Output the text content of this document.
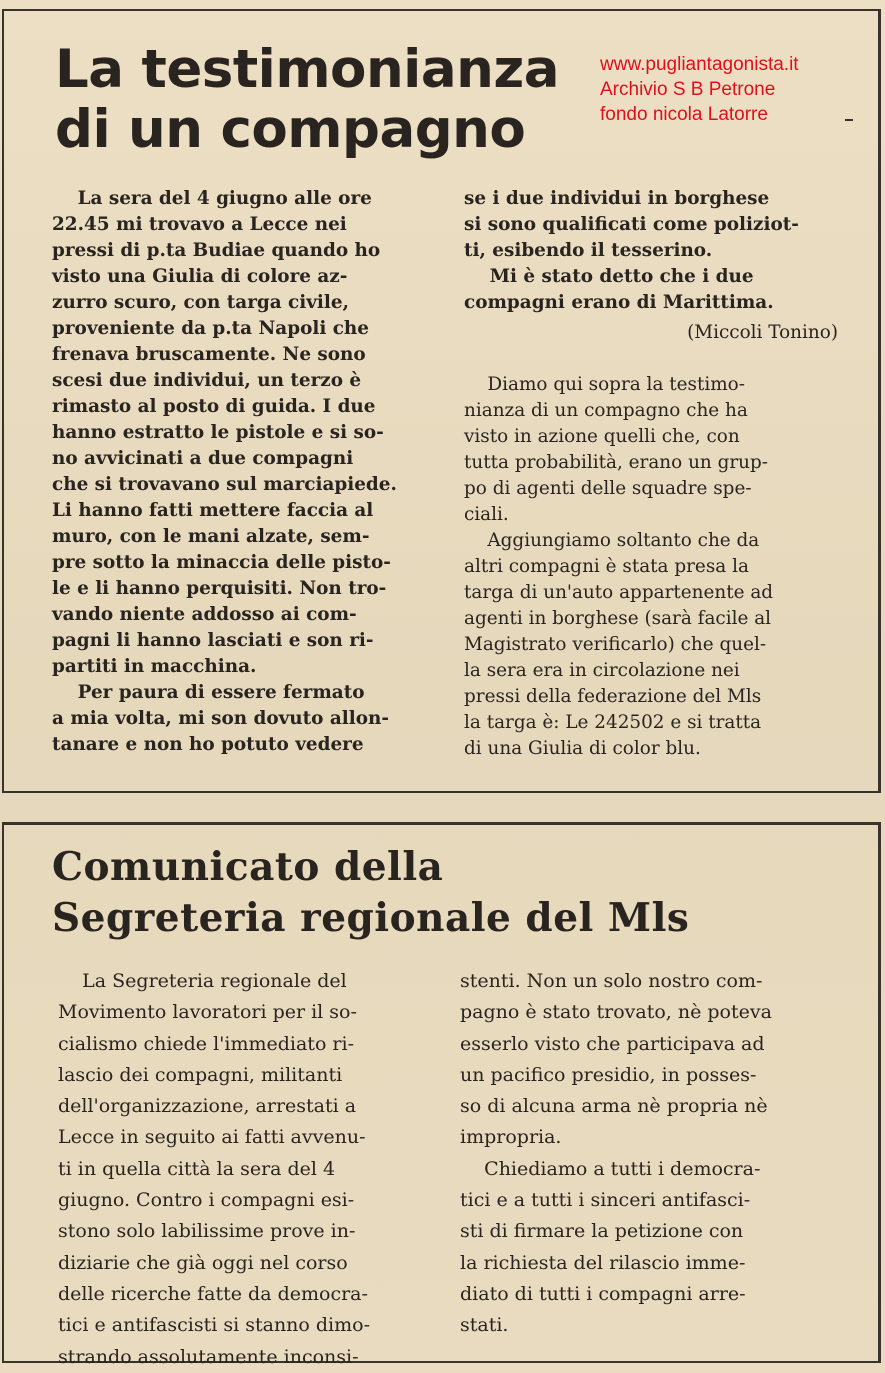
La testimonianza
di un compagno
www.pugliantagonista.it
Archivio S B Petrone
fondo nicola Latorre
La sera del 4 giugno alle ore
22.45 mi trovavo a Lecce nei
pressi di p.ta Budiae quando ho
visto una Giulia di colore az-
zurro scuro, con targa civile,
proveniente da p.ta Napoli che
frenava bruscamente. Ne sono
scesi due individui, un terzo è
rimasto al posto di guida. I due
hanno estratto le pistole e si so-
no avvicinati a due compagni
che si trovavano sul marciapiede.
Li hanno fatti mettere faccia al
muro, con le mani alzate, sem-
pre sotto la minaccia delle pisto-
le e li hanno perquisiti. Non tro-
vando niente addosso ai com-
pagni li hanno lasciati e son ri-
partiti in macchina.
Per paura di essere fermato
a mia volta, mi son dovuto allon-
tanare e non ho potuto vedere
se i due individui in borghese
si sono qualificati come poliziot-
ti, esibendo il tesserino.
Mi è stato detto che i due
compagni erano di Marittima.
(Miccoli Tonino)
Diamo qui sopra la testimo-
nianza di un compagno che ha
visto in azione quelli che, con
tutta probabilità, erano un grup-
po di agenti delle squadre spe-
ciali.
Aggiungiamo soltanto che da
altri compagni è stata presa la
targa di un'auto appartenente ad
agenti in borghese (sarà facile al
Magistrato verificarlo) che quel-
la sera era in circolazione nei
pressi della federazione del Mls
la targa è: Le 242502 e si tratta
di una Giulia di color blu.
Comunicato della
Segreteria regionale del Mls
La Segreteria regionale del
Movimento lavoratori per il so-
cialismo chiede l'immediato ri-
lascio dei compagni, militanti
dell'organizzazione, arrestati a
Lecce in seguito ai fatti avvenu-
ti in quella città la sera del 4
giugno. Contro i compagni esi-
stono solo labilissime prove in-
diziarie che già oggi nel corso
delle ricerche fatte da democra-
tici e antifascisti si stanno dimo-
strando assolutamente inconsi-
stenti. Non un solo nostro com-
pagno è stato trovato, nè poteva
esserlo visto che participava ad
un pacifico presidio, in posses-
so di alcuna arma nè propria nè
impropria.
Chiediamo a tutti i democra-
tici e a tutti i sinceri antifasci-
sti di firmare la petizione con
la richiesta del rilascio imme-
diato di tutti i compagni arre-
stati.
